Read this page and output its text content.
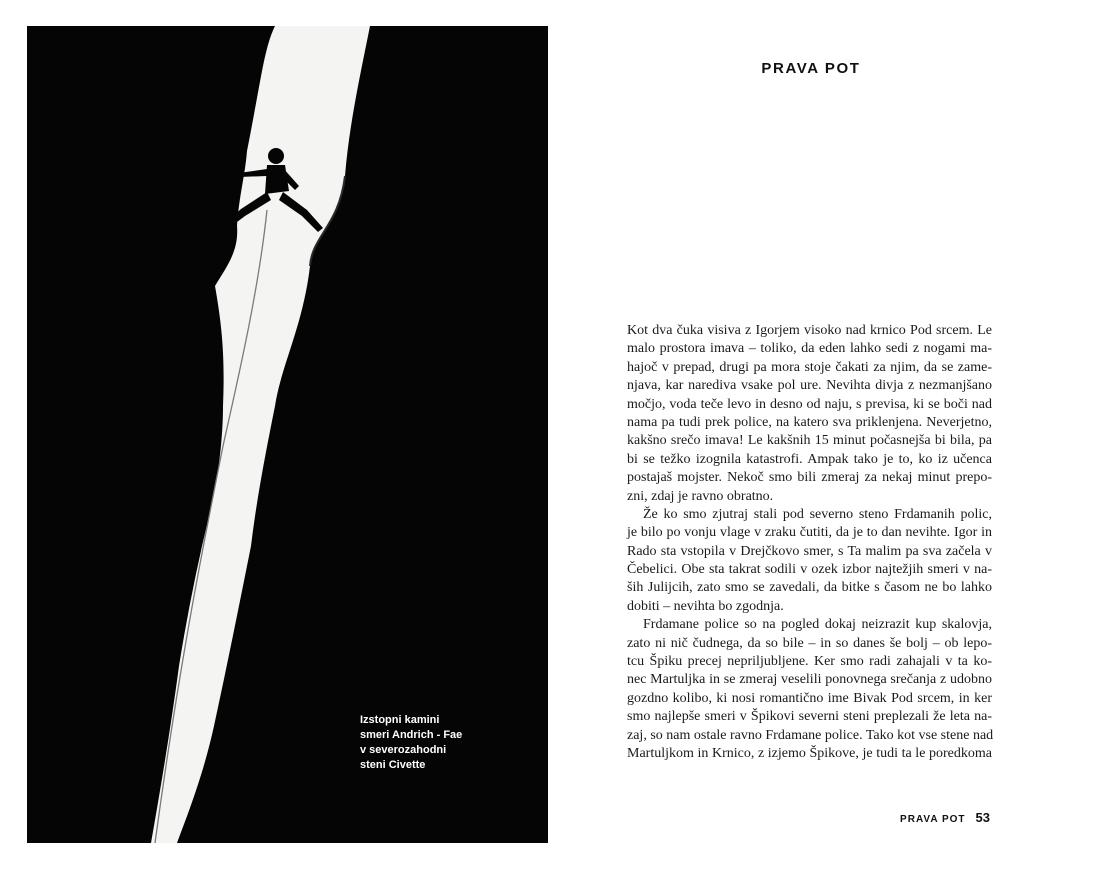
Izstopni kamini
smeri Andrich - Fae
v severozahodni
steni Civette
PRAVA POT
Kot dva čuka visiva z Igorjem visoko nad krnico Pod srcem. Le
malo prostora imava – toliko, da eden lahko sedi z nogami ma-
hajoč v prepad, drugi pa mora stoje čakati za njim, da se zame-
njava, kar narediva vsake pol ure. Nevihta divja z nezmanjšano
močjo, voda teče levo in desno od naju, s previsa, ki se boči nad
nama pa tudi prek police, na katero sva priklenjena. Neverjetno,
kakšno srečo imava! Le kakšnih 15 minut počasnejša bi bila, pa
bi se težko izognila katastrofi. Ampak tako je to, ko iz učenca
postajaš mojster. Nekoč smo bili zmeraj za nekaj minut prepo-
zni, zdaj je ravno obratno.
Že ko smo zjutraj stali pod severno steno Frdamanih polic,
je bilo po vonju vlage v zraku čutiti, da je to dan nevihte. Igor in
Rado sta vstopila v Drejčkovo smer, s Ta malim pa sva začela v
Čebelici. Obe sta takrat sodili v ozek izbor najtežjih smeri v na-
ših Julijcih, zato smo se zavedali, da bitke s časom ne bo lahko
dobiti – nevihta bo zgodnja.
Frdamane police so na pogled dokaj neizrazit kup skalovja,
zato ni nič čudnega, da so bile – in so danes še bolj – ob lepo-
tcu Špiku precej nepriljubljene. Ker smo radi zahajali v ta ko-
nec Martuljka in se zmeraj veselili ponovnega srečanja z udobno
gozdno kolibo, ki nosi romantično ime Bivak Pod srcem, in ker
smo najlepše smeri v Špikovi severni steni preplezali že leta na-
zaj, so nam ostale ravno Frdamane police. Tako kot vse stene nad
Martuljkom in Krnico, z izjemo Špikove, je tudi ta le poredkoma
PRAVA POT 53
